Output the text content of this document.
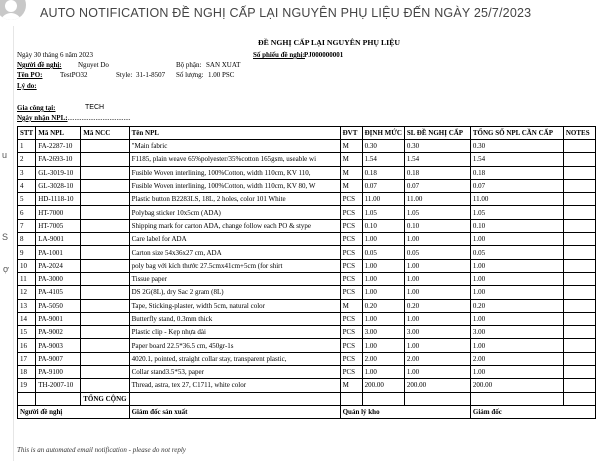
u
S
ợ
AUTO NOTIFICATION ĐỀ NGHỊ CẤP LẠI NGUYÊN PHỤ LIỆU ĐẾN NGÀY 25/7/2023
ĐỀ NGHỊ CẤP LẠI NGUYÊN PHỤ LIỆU
Ngày 30 tháng 6 năm 2023	Số phiếu đề nghị: PJ000000001
Người đề nghị: Nguyet Do	Bộ phận: SAN XUAT
Tên PO:	TestPO32	Style: 31-1-8507 Số lượng: 1.00 PSC
Lý do:
Gia công tại:	TECH
Ngày nhận NPL:
......................................
STT	Mã NPL	Mã NCC	Tên NPL	ĐVT	ĐỊNH MỨC	SL ĐỀ NGHỊ CẤP	TỔNG SỐ NPL CẦN CẤP	NOTES
1	FA-2287-10		"Main fabric	M	0.30	0.30	0.30	
2	FA-2693-10		F1185, plain weave 65%polyester/35%cotton 165gsm, useable wi	M	1.54	1.54	1.54	
3	GL-3019-10		Fusible Woven interlining, 100%Cotton, width 110cm, KV 110,	M	0.18	0.18	0.18	
4	GL-3028-10		Fusible Woven interlining, 100%Cotton, width 110cm, KV 80, W	M	0.07	0.07	0.07	
5	HD-1118-10		Plastic button B2283LS, 18L, 2 holes, color 101 White	PCS	11.00	11.00	11.00	
6	HT-7000		Polybag sticker 10x5cm (ADA)	PCS	1.05	1.05	1.05	
7	HT-7005		Shipping mark for carton ADA, change follow each PO & stype	PCS	0.10	0.10	0.10	
8	LA-9001		Care label for ADA	PCS	1.00	1.00	1.00	
9	PA-1001		Carton size 54x36x27 cm, ADA	PCS	0.05	0.05	0.05	
10	PA-2024		poly bag với kích thước 27.5cmx41cm+5cm (for shirt	PCS	1.00	1.00	1.00	
11	PA-3000		Tissue paper	PCS	1.00	1.00	1.00	
12	PA-4105		DS 2G(8L), dry Sac 2 gram (8L)	PCS	1.00	1.00	1.00	
13	PA-5050		Tape, Sticking-plaster, width 5cm, natural color	M	0.20	0.20	0.20	
14	PA-9001		Butterfly stand, 0.3mm thick	PCS	1.00	1.00	1.00	
15	PA-9002		Plastic clip - Kẹp nhựa dài	PCS	3.00	3.00	3.00	
16	PA-9003		Paper board 22.5*36.5 cm, 450gr-1s	PCS	1.00	1.00	1.00	
17	PA-9007		4020.1, pointed, straight collar stay, transparent plastic,	PCS	2.00	2.00	2.00	
18	PA-9100		Collar stand3.5*53, paper	PCS	1.00	1.00	1.00	
19	TH-2007-10		Thread, astra, tex 27, C1711, white color	M	200.00	200.00	200.00	
		TỔNG CỘNG						
Người đề nghị			Giám đốc sản xuất	Quản lý kho			Giám đốc	
This is an automated email notification - please do not reply
